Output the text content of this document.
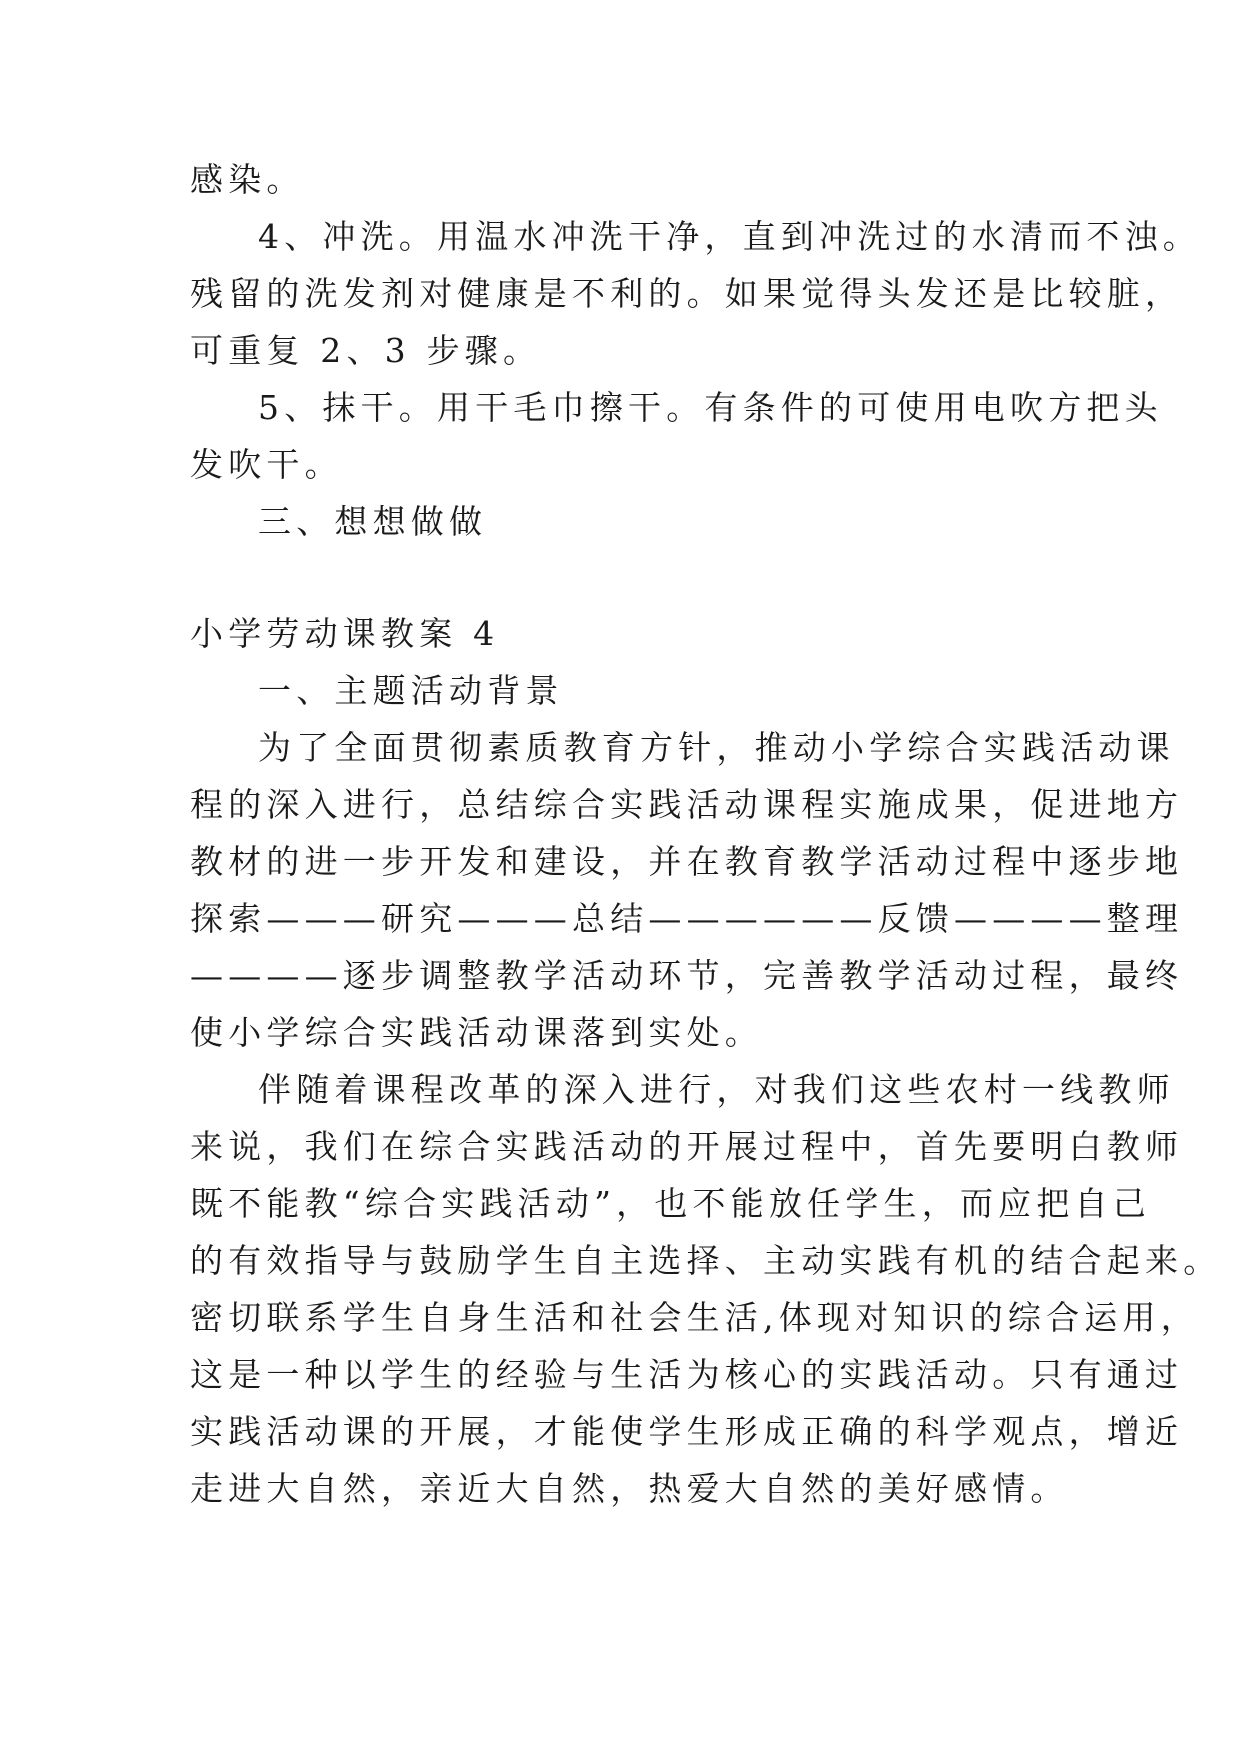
感染。
4、冲洗。用温水冲洗干净，直到冲洗过的水清而不浊。
残留的洗发剂对健康是不利的。如果觉得头发还是比较脏，
可重复 2、3 步骤。
5、抹干。用干毛巾擦干。有条件的可使用电吹方把头
发吹干。
三、想想做做
小学劳动课教案 4
一、主题活动背景
为了全面贯彻素质教育方针，推动小学综合实践活动课
程的深入进行，总结综合实践活动课程实施成果，促进地方
教材的进一步开发和建设，并在教育教学活动过程中逐步地
探索———研究———总结——————反馈————整理
————逐步调整教学活动环节，完善教学活动过程，最终
使小学综合实践活动课落到实处。
伴随着课程改革的深入进行，对我们这些农村一线教师
来说，我们在综合实践活动的开展过程中，首先要明白教师
既不能教“综合实践活动”，也不能放任学生，而应把自己
的有效指导与鼓励学生自主选择、主动实践有机的结合起来。
密切联系学生自身生活和社会生活,体现对知识的综合运用，
这是一种以学生的经验与生活为核心的实践活动。只有通过
实践活动课的开展，才能使学生形成正确的科学观点，增近
走进大自然，亲近大自然，热爱大自然的美好感情。
